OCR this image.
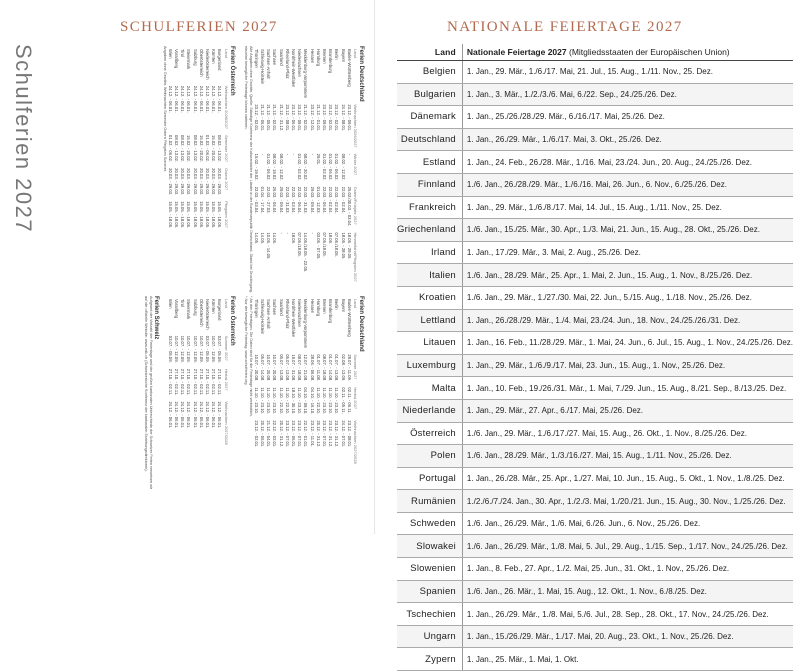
SCHULFERIEN 2027
Schulferien 2027	Ferien Deutschland
Land	Weihnachten 2026/2027	Winter 2027	Ostern/Frühjahr 2027	Himmelfahrt/Pfingsten 2027
Baden-Württemberg	23.12. - 09.01.	-	25.03./30.03. - 03.04.	18.05. - 29.05.
Bayern	24.12. - 08.01.	08.02. - 12.02.	22.03. - 02.04.	18.05. - 28.05.
Berlin	23.12. - 02.01.	01.02. - 06.02.	22.03. - 02.04.	07.05./18.05.
Brandenburg	23.12. - 02.01.	01.02. - 06.02.	22.03. - 02.04.	18.05.
Bremen	23.12. - 09.01.	01.02. - 02.02.	22.03. - 06.04.	07.05./18.05.
Hamburg	21.12. - 01.01.	29.01.	01.03. - 12.03.	03.05. - 07.05.
Hessen	23.12. - 12.01.	-	29.03. - 09.04.	-
Mecklenburg-Vorpommern	21.12. - 02.01.	08.02. - 20.02.	22.03. - 31.03.	14.05./18.05. - 22.05.
Niedersachsen	23.12. - 09.01.	01.02. - 02.02.	22.03. - 06.04.	07.05./18.05.
Nordrhein-Westfalen	23.12. - 06.01.	-	22.03. - 03.04.	18.05.
Rheinland-Pfalz	23.12. - 08.01.	-	22.03. - 31.03.	-
Saarland	21.12. - 31.12.	08.02. - 12.02.	29.03. - 09.04.	-
Sachsen	21.12. - 02.01.	08.02. - 19.02.	26.03. - 06.04.	14.05.
Sachsen-Anhalt	21.12. - 05.01.	01.02. - 06.02.	22.03. - 27.03.	10.05. - 14.05.
Schleswig-Holstein	21.12. - 06.01.	-	01.04. - 17.04.	14.05.
Thüringen	23.12. - 02.01.	15.02. - 19.02.	22.03. - 03.04.	14.05.
Alle Angaben ohne Gewähr. Quelle: Ständige Konferenz der Kultusminister der Länder in der Bundesrepublik Deutschland. Stand bei Drucklegung.
einzelne bewegliche Ferientage können variieren.
Ferien Österreich
Land	Weihnachten 2026/2027	Semester 2027	Ostern 2027	Pfingsten 2027
Burgenland	24.12. - 06.01.	08.02. - 13.02.	20.03. - 29.03.	15.05. - 18.05.
Kärnten	24.12. - 06.01.	15.02. - 20.02.	20.03. - 29.03.	15.05. - 18.05.
Niederösterreich	24.12. - 06.01.	01.02. - 06.02.	20.03. - 29.03.	15.05. - 18.05.
Oberösterreich	24.12. - 06.01.	15.02. - 20.02.	20.03. - 29.03.	15.05. - 18.05.
Salzburg	24.12. - 06.01.	08.02. - 13.02.	20.03. - 29.03.	15.05. - 18.05.
Steiermark	24.12. - 06.01.	15.02. - 20.02.	20.03. - 29.03.	15.05. - 18.05.
Tirol	24.12. - 06.01.	08.02. - 13.02.	20.03. - 29.03.	15.05. - 18.05.
Vorarlberg	24.12. - 06.01.	08.02. - 13.02.	20.03. - 29.03.	15.05. - 18.05.
Wien	24.12. - 06.01.	01.02. - 06.02.	20.03. - 29.03.	15.05. - 18.05.
Angaben ohne Gewähr. Weihnachten Semester Ostern Pfingsten Sommer.
Ferien Deutschland
Land	Sommer 2027	Herbst 2027	Weihnachten 2027/2028
Baden-Württemberg	29.07. - 11.09.	02.11. - 06.11.	23.12. - 08.01.
Bayern	02.08. - 13.09.	02.11. - 05.11.	24.12. - 07.01.
Berlin	01.07. - 13.08.	11.10. - 23.10.	23.12. - 31.12.
Brandenburg	01.07. - 14.08.	11.10. - 23.10.	23.12. - 31.12.
Bremen	08.07. - 18.08.	11.10. - 23.10.	23.12. - 07.01.
Hamburg	01.07. - 11.08.	11.10. - 22.10.	20.12. - 31.12.
Hessen	28.06. - 06.08.	04.10. - 16.10.	23.12. - 11.01.
Mecklenburg-Vorpommern	12.07. - 21.08.	04.10. - 09.10.	22.12. - 01.01.
Niedersachsen	08.07. - 18.08.	11.10. - 23.10.	23.12. - 07.01.
Nordrhein-Westfalen	19.07. - 31.08.	18.10. - 30.10.	23.12. - 06.01.
Rheinland-Pfalz	05.07. - 13.08.	11.10. - 22.10.	23.12. - 07.01.
Saarland	05.07. - 13.08.	11.10. - 22.10.	20.12. - 31.12.
Sachsen	10.07. - 20.08.	11.10. - 23.10.	22.12. - 02.01.
Sachsen-Anhalt	10.07. - 20.08.	11.10. - 23.10.	21.12. - 04.01.
Schleswig-Holstein	05.07. - 14.08.	11.10. - 23.10.	20.12. - 06.01.
Thüringen	10.07. - 20.08.	11.10. - 23.10.	23.12. - 02.01.
* An den Feiertagen. Die Daten sind für die Ferientage nicht verbindlich.
* Nur der bewegliche Ferientag. www.schulferien.org
Ferien Österreich
Land	Sommer 2027	Herbst 2027	Weihnachten 2027/2028
Burgenland	03.07. - 05.09.	27.10. - 02.11.	24.12. - 06.01.
Kärnten	10.07. - 12.09.	27.10. - 02.11.	24.12. - 06.01.
Niederösterreich	03.07. - 05.09.	27.10. - 02.11.	24.12. - 06.01.
Oberösterreich	10.07. - 12.09.	27.10. - 02.11.	24.12. - 06.01.
Salzburg	10.07. - 12.09.	27.10. - 02.11.	24.12. - 06.01.
Steiermark	10.07. - 12.09.	27.10. - 02.11.	24.12. - 06.01.
Tirol	10.07. - 12.09.	27.10. - 02.11.	24.12. - 06.01.
Vorarlberg	10.07. - 12.09.	27.10. - 02.11.	24.12. - 06.01.
Wien	03.07. - 05.09.	27.10. - 02.11.	24.12. - 06.01.
Ferien Schweiz
Aufgrund der Vielzahl der Ferientage und der großen kantonalen Unterschiede der Schweizer Ferien verweisen wir
auf die offizielle Website: www.edk.ch (Schweizerische Konferenz der kantonalen Erziehungsdirektoren).
NATIONALE FEIERTAGE 2027
Land	Nationale Feiertage 2027 (Mitgliedsstaaten der Europäischen Union)
Belgien	1. Jan., 29. Mär., 1./6./17. Mai, 21. Jul., 15. Aug., 1./11. Nov., 25. Dez.
Bulgarien	1. Jan., 3. Mär., 1./2./3./6. Mai, 6./22. Sep., 24./25./26. Dez.
Dänemark	1. Jan., 25./26./28./29. Mär., 6./16./17. Mai, 25./26. Dez.
Deutschland	1. Jan., 26./29. Mär., 1./6./17. Mai, 3. Okt., 25./26. Dez.
Estland	1. Jan., 24. Feb., 26./28. Mär., 1./16. Mai, 23./24. Jun., 20. Aug., 24./25./26. Dez.
Finnland	1./6. Jan., 26./28./29. Mär., 1./6./16. Mai, 26. Jun., 6. Nov., 6./25./26. Dez.
Frankreich	1. Jan., 29. Mär., 1./6./8./17. Mai, 14. Jul., 15. Aug., 1./11. Nov., 25. Dez.
Griechenland	1./6. Jan., 15./25. Mär., 30. Apr., 1./3. Mai, 21. Jun., 15. Aug., 28. Okt., 25./26. Dez.
Irland	1. Jan., 17./29. Mär., 3. Mai, 2. Aug., 25./26. Dez.
Italien	1./6. Jan., 28./29. Mär., 25. Apr., 1. Mai, 2. Jun., 15. Aug., 1. Nov., 8./25./26. Dez.
Kroatien	1./6. Jan., 29. Mär., 1./27./30. Mai, 22. Jun., 5./15. Aug., 1./18. Nov., 25./26. Dez.
Lettland	1. Jan., 26./28./29. Mär., 1./4. Mai, 23./24. Jun., 18. Nov., 24./25./26./31. Dez.
Litauen	1. Jan., 16. Feb., 11./28./29. Mär., 1. Mai, 24. Jun., 6. Jul., 15. Aug., 1. Nov., 24./25./26. Dez.
Luxemburg	1. Jan., 29. Mär., 1./6./9./17. Mai, 23. Jun., 15. Aug., 1. Nov., 25./26. Dez.
Malta	1. Jan., 10. Feb., 19./26./31. Mär., 1. Mai, 7./29. Jun., 15. Aug., 8./21. Sep., 8./13./25. Dez.
Niederlande	1. Jan., 29. Mär., 27. Apr., 6./17. Mai, 25./26. Dez.
Österreich	1./6. Jan., 29. Mär., 1./6./17./27. Mai, 15. Aug., 26. Okt., 1. Nov., 8./25./26. Dez.
Polen	1./6. Jan., 28./29. Mär., 1./3./16./27. Mai, 15. Aug., 1./11. Nov., 25./26. Dez.
Portugal	1. Jan., 26./28. Mär., 25. Apr., 1./27. Mai, 10. Jun., 15. Aug., 5. Okt., 1. Nov., 1./8./25. Dez.
Rumänien	1./2./6./7./24. Jan., 30. Apr., 1./2./3. Mai, 1./20./21. Jun., 15. Aug., 30. Nov., 1./25./26. Dez.
Schweden	1./6. Jan., 26./29. Mär., 1./6. Mai, 6./26. Jun., 6. Nov., 25./26. Dez.
Slowakei	1./6. Jan., 26./29. Mär., 1./8. Mai, 5. Jul., 29. Aug., 1./15. Sep., 1./17. Nov., 24./25./26. Dez.
Slowenien	1. Jan., 8. Feb., 27. Apr., 1./2. Mai, 25. Jun., 31. Okt., 1. Nov., 25./26. Dez.
Spanien	1./6. Jan., 26. Mär., 1. Mai, 15. Aug., 12. Okt., 1. Nov., 6./8./25. Dez.
Tschechien	1. Jan., 26./29. Mär., 1./8. Mai, 5./6. Jul., 28. Sep., 28. Okt., 17. Nov., 24./25./26. Dez.
Ungarn	1. Jan., 15./26./29. Mär., 1./17. Mai, 20. Aug., 23. Okt., 1. Nov., 25./26. Dez.
Zypern	1. Jan., 25. Mär., 1. Mai, 1. Okt.
